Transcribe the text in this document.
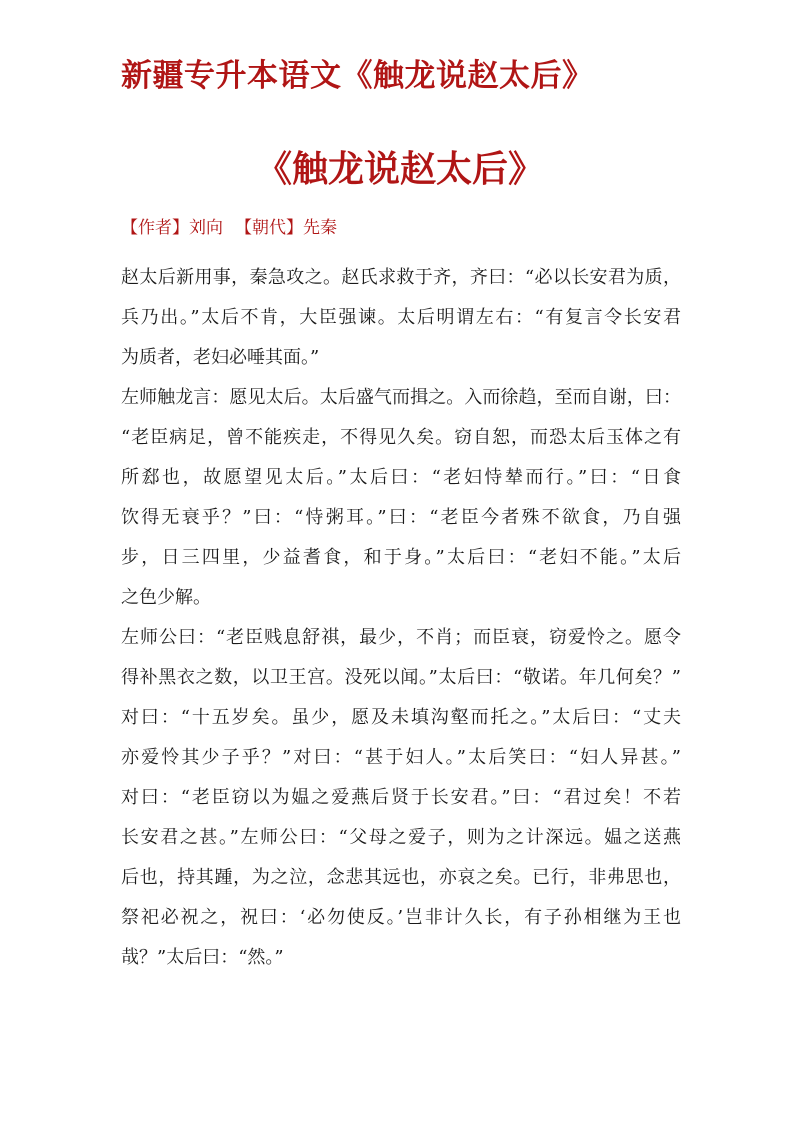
新疆专升本语文《触龙说赵太后》
《触龙说赵太后》
【作者】刘向 【朝代】先秦
赵太后新用事，秦急攻之。赵氏求救于齐，齐曰：“必以长安君为质，
兵乃出。”太后不肯，大臣强谏。太后明谓左右：“有复言令长安君
为质者，老妇必唾其面。”
左师触龙言：愿见太后。太后盛气而揖之。入而徐趋，至而自谢，曰：
“老臣病足，曾不能疾走，不得见久矣。窃自恕，而恐太后玉体之有
所郄也，故愿望见太后。”太后曰：“老妇恃辇而行。”曰：“日食
饮得无衰乎？”曰：“恃粥耳。”曰：“老臣今者殊不欲食，乃自强
步，日三四里，少益耆食，和于身。”太后曰：“老妇不能。”太后
之色少解。
左师公曰：“老臣贱息舒祺，最少，不肖；而臣衰，窃爱怜之。愿令
得补黑衣之数，以卫王宫。没死以闻。”太后曰：“敬诺。年几何矣？”
对曰：“十五岁矣。虽少，愿及未填沟壑而托之。”太后曰：“丈夫
亦爱怜其少子乎？”对曰：“甚于妇人。”太后笑曰：“妇人异甚。”
对曰：“老臣窃以为媪之爱燕后贤于长安君。”曰：“君过矣！不若
长安君之甚。”左师公曰：“父母之爱子，则为之计深远。媪之送燕
后也，持其踵，为之泣，念悲其远也，亦哀之矣。已行，非弗思也，
祭祀必祝之，祝曰：‘必勿使反。’岂非计久长，有子孙相继为王也
哉？”太后曰：“然。”
